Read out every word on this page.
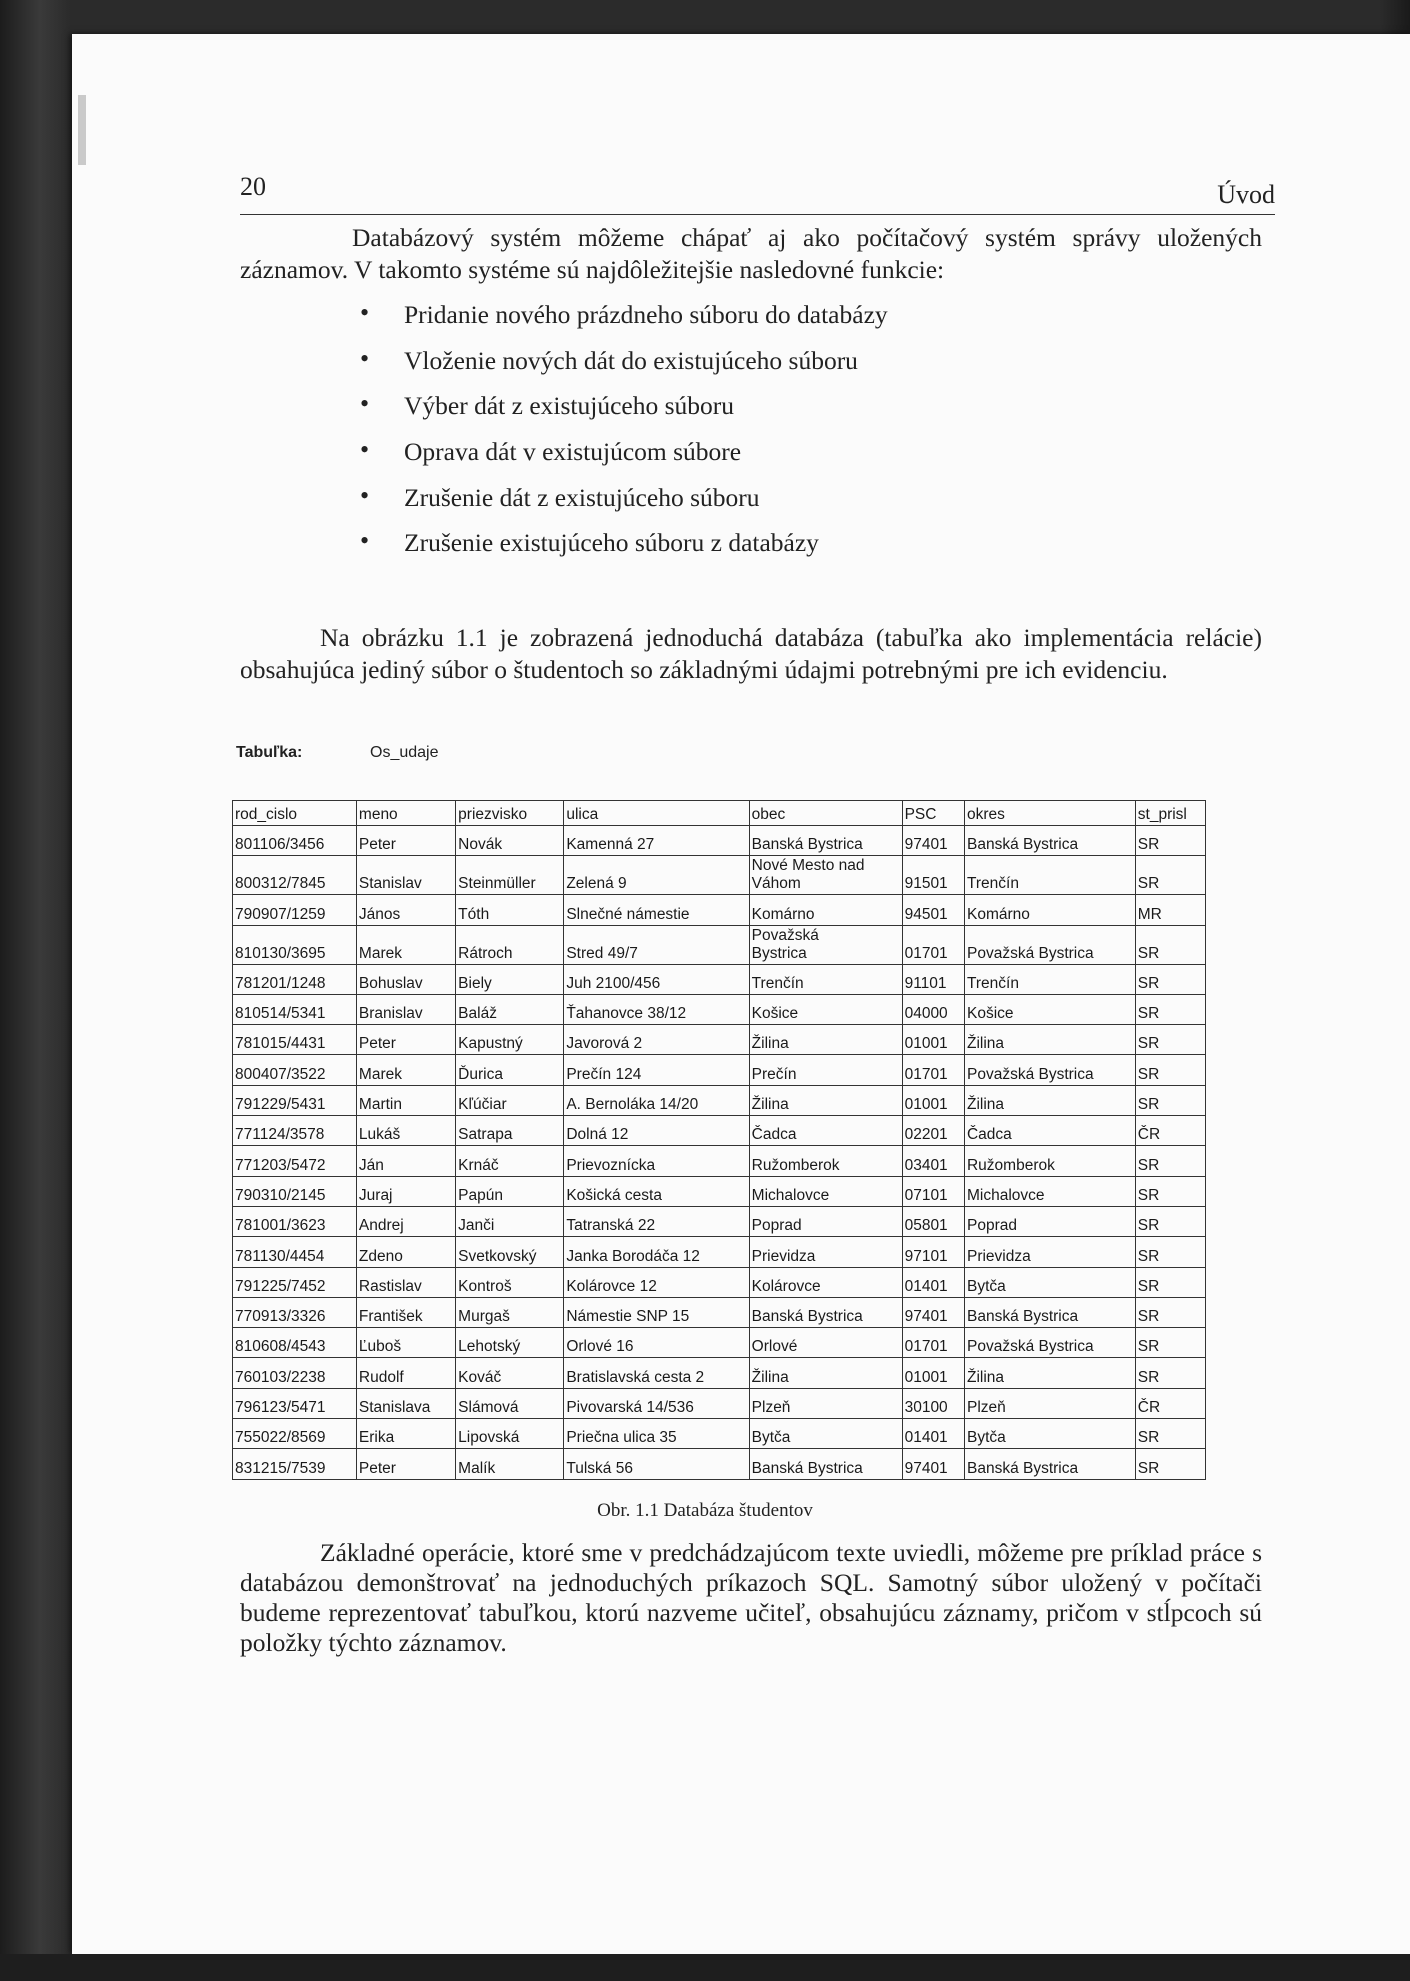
20	Úvod

Databázový systém môžeme chápať aj ako počítačový systém správy uložených záznamov. V takomto systéme sú najdôležitejšie nasledovné funkcie:

• Pridanie nového prázdneho súboru do databázy
• Vloženie nových dát do existujúceho súboru
• Výber dát z existujúceho súboru
• Oprava dát v existujúcom súbore
• Zrušenie dát z existujúceho súboru
• Zrušenie existujúceho súboru z databázy

Na obrázku 1.1 je zobrazená jednoduchá databáza (tabuľka ako implementácia relácie) obsahujúca jediný súbor o študentoch so základnými údajmi potrebnými pre ich evidenciu.

Tabuľka:	Os_udaje
rod_cislo	meno	priezvisko	ulica	obec	PSC	okres	st_prisl
801106/3456	Peter	Novák	Kamenná 27	Banská Bystrica	97401	Banská Bystrica	SR
800312/7845	Stanislav	Steinmüller	Zelená 9	Nové Mesto nad
Váhom	91501	Trenčín	SR
790907/1259	János	Tóth	Slnečné námestie	Komárno	94501	Komárno	MR
810130/3695	Marek	Rátroch	Stred 49/7	Považská
Bystrica	01701	Považská Bystrica	SR
781201/1248	Bohuslav	Biely	Juh 2100/456	Trenčín	91101	Trenčín	SR
810514/5341	Branislav	Baláž	Ťahanovce 38/12	Košice	04000	Košice	SR
781015/4431	Peter	Kapustný	Javorová 2	Žilina	01001	Žilina	SR
800407/3522	Marek	Ďurica	Prečín 124	Prečín	01701	Považská Bystrica	SR
791229/5431	Martin	Kľúčiar	A. Bernoláka 14/20	Žilina	01001	Žilina	SR
771124/3578	Lukáš	Satrapa	Dolná 12	Čadca	02201	Čadca	ČR
771203/5472	Ján	Krnáč	Prievoznícka	Ružomberok	03401	Ružomberok	SR
790310/2145	Juraj	Papún	Košická cesta	Michalovce	07101	Michalovce	SR
781001/3623	Andrej	Janči	Tatranská 22	Poprad	05801	Poprad	SR
781130/4454	Zdeno	Svetkovský	Janka Borodáča 12	Prievidza	97101	Prievidza	SR
791225/7452	Rastislav	Kontroš	Kolárovce 12	Kolárovce	01401	Bytča	SR
770913/3326	František	Murgaš	Námestie SNP 15	Banská Bystrica	97401	Banská Bystrica	SR
810608/4543	Ľuboš	Lehotský	Orlové 16	Orlové	01701	Považská Bystrica	SR
760103/2238	Rudolf	Kováč	Bratislavská cesta 2	Žilina	01001	Žilina	SR
796123/5471	Stanislava	Slámová	Pivovarská 14/536	Plzeň	30100	Plzeň	ČR
755022/8569	Erika	Lipovská	Priečna ulica 35	Bytča	01401	Bytča	SR
831215/7539	Peter	Malík	Tulská 56	Banská Bystrica	97401	Banská Bystrica	SR
Obr. 1.1 Databáza študentov

Základné operácie, ktoré sme v predchádzajúcom texte uviedli, môžeme pre príklad práce s databázou demonštrovať na jednoduchých príkazoch SQL. Samotný súbor uložený v počítači budeme reprezentovať tabuľkou, ktorú nazveme učiteľ, obsahujúcu záznamy, pričom v stĺpcoch sú položky týchto záznamov.
